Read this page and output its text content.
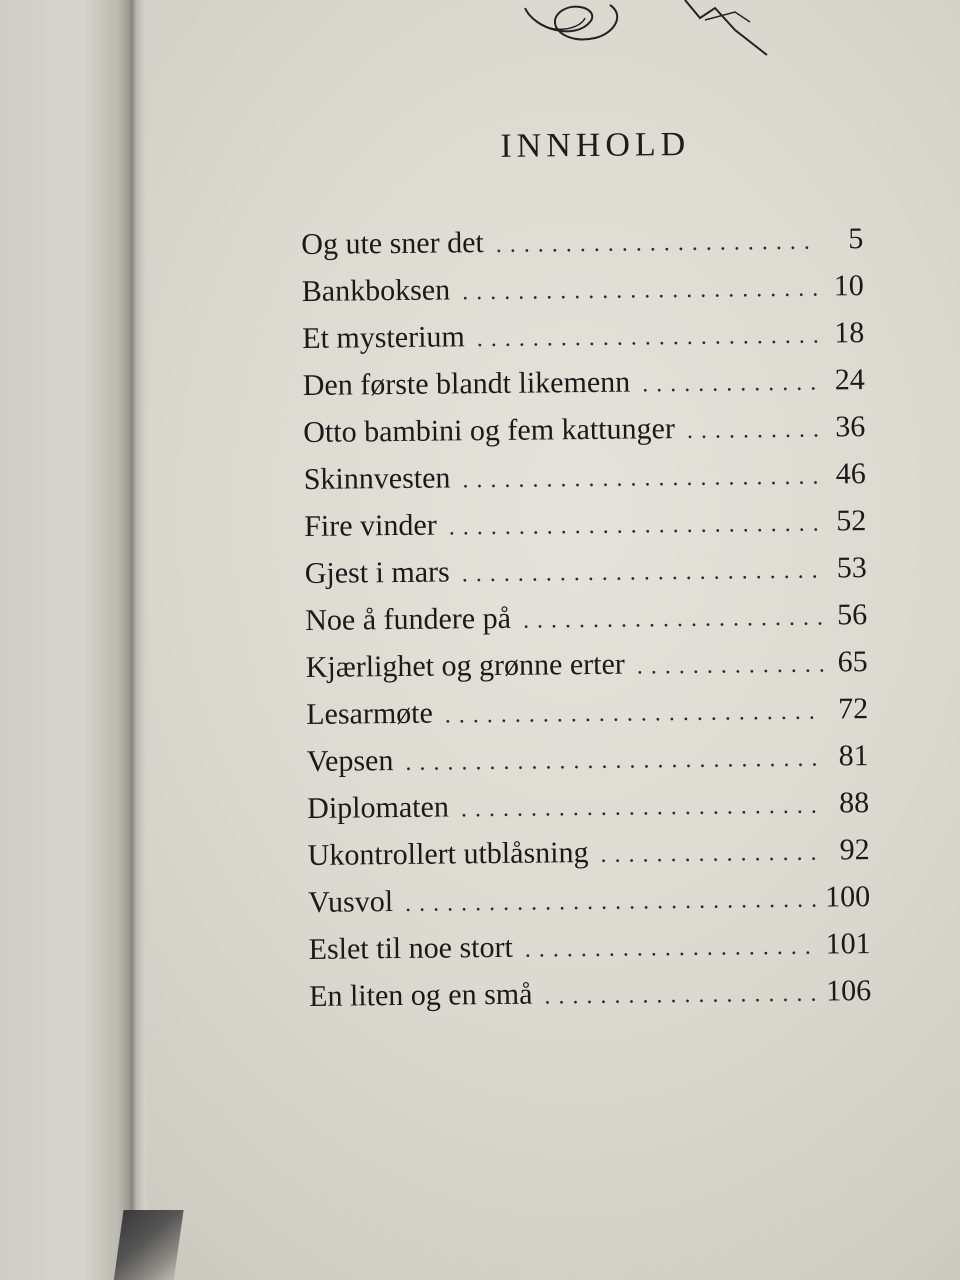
INNHOLD
Og ute sner det . . .	5
Bankboksen . . .	10
Et mysterium . . .	18
Den første blandt likemenn . . .	24
Otto bambini og fem kattunger . . .	36
Skinnvesten . . .	46
Fire vinder . . .	52
Gjest i mars . . .	53
Noe å fundere på . . .	56
Kjærlighet og grønne erter . . .	65
Lesarmøte . . .	72
Vepsen . . .	81
Diplomaten . . .	88
Ukontrollert utblåsning . . .	92
Vusvol . . .	100
Eslet til noe stort . . .	101
En liten og en små . . .	106
